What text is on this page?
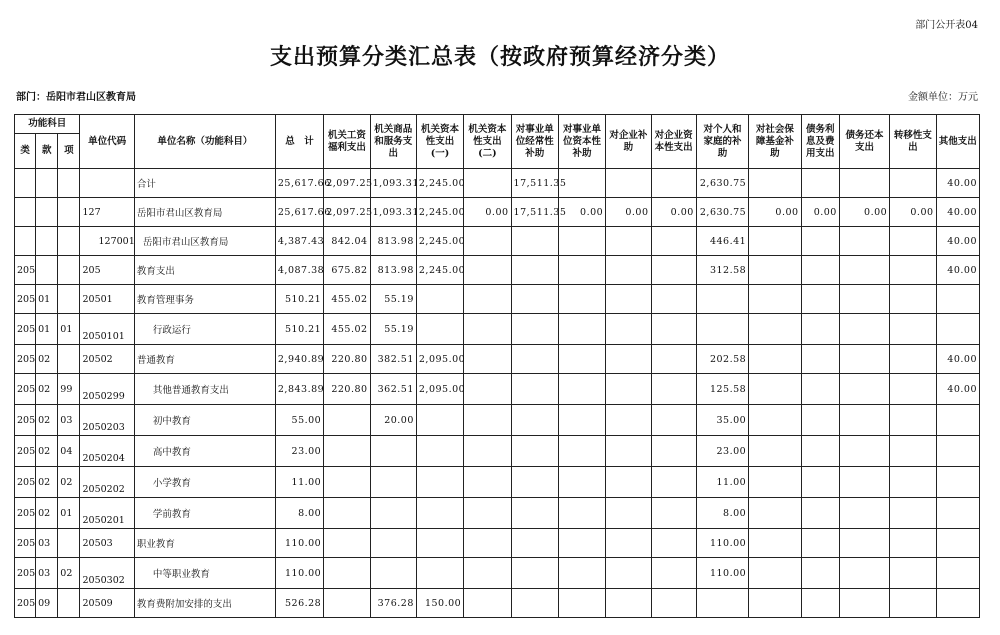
部门公开表04
支出预算分类汇总表（按政府预算经济分类）
部门：岳阳市君山区教育局	金额单位：万元
功能科目			单位代码	单位名称（功能科目）	总　计	机关工资福利支出	机关商品和服务支出	机关资本性支出(一)	机关资本性支出(二)	对事业单位经常性补助	对事业单位资本性补助	对企业补助	对企业资本性支出	对个人和家庭的补助	对社会保障基金补助	债务利息及费用支出	债务还本支出	转移性支出	其他支出
类	款	项																	
				合计	25,617.66	2,097.25	1,093.31	2,245.00		17,511.35				2,630.75					40.00
			127	岳阳市君山区教育局	25,617.66	2,097.25	1,093.31	2,245.00	0.00	17,511.35	0.00	0.00	0.00	2,630.75	0.00	0.00	0.00	0.00	40.00
			127001	岳阳市君山区教育局	4,387.43	842.04	813.98	2,245.00						446.41					40.00
205			205	教育支出	4,087.38	675.82	813.98	2,245.00						312.58					40.00
205	01		20501	教育管理事务	510.21	455.02	55.19												
205	01	01	2050101	行政运行	510.21	455.02	55.19												
205	02		20502	普通教育	2,940.89	220.80	382.51	2,095.00						202.58					40.00
205	02	99	2050299	其他普通教育支出	2,843.89	220.80	362.51	2,095.00						125.58					40.00
205	02	03	2050203	初中教育	55.00		20.00							35.00					
205	02	04	2050204	高中教育	23.00									23.00					
205	02	02	2050202	小学教育	11.00									11.00					
205	02	01	2050201	学前教育	8.00									8.00					
205	03		20503	职业教育	110.00									110.00					
205	03	02	2050302	中等职业教育	110.00									110.00					
205	09		20509	教育费附加安排的支出	526.28		376.28	150.00											
